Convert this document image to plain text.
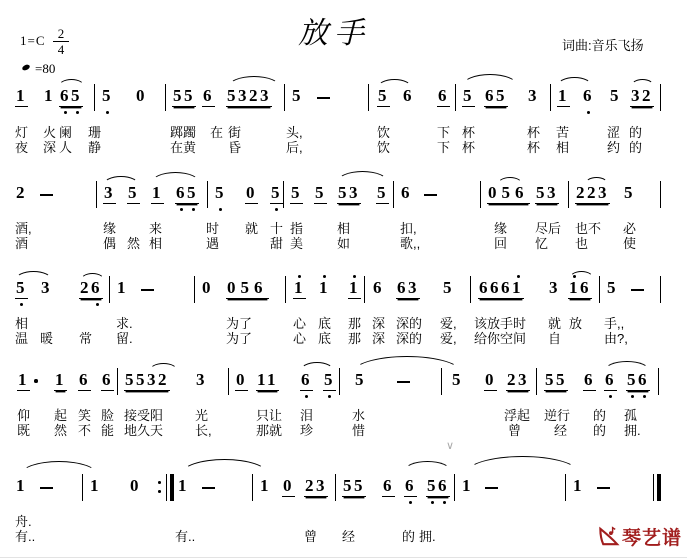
1=C 2
4
=80
放手	词曲:音乐飞扬
1 1 65 5 0 55 6 5323 5	5 6 6 5 65 3 1 6 5 32
灯 火 阑 珊	踯躅 在 街	头,	饮	下 杯	杯 苦	涩 的
夜 深 人 静	在黄 昏	后,	饮	下 杯	杯 相	约 的
2	3 5 1 65 5 0 5 5 5 53 5 6	056 53 223 5
酒,	缘	来	时 就 十 指	相	扣,	缘 尽后 也不 必
酒	偶 然 相	遇	甜 美	如	歌,,	回 忆 也	使
5 3 26 1	0 056 1 1 1 6 63 5 6661 3 16 5
相	求.	为了	心 底 那 深 深的 爱, 该放手时 就 放 手,,
温 暖 常 留.	为了	心 底 那 深 深的 爱, 给你空间 自	由?,
1 1 6 6 5532 3 0 11 6 5 5	5 0 23 55 6 6 56
仰 起 笑 脸 接受阳 光	只让 泪	水	浮起 逆行 的 孤
既 然 不 能 地久天 长,	那就 珍	惜	曾	经 的 拥.
1	1 0 1	1 0 23 55 6 6 56 1	1
舟.
有..	有..	曾 经	的 拥.
∨
琴艺谱
